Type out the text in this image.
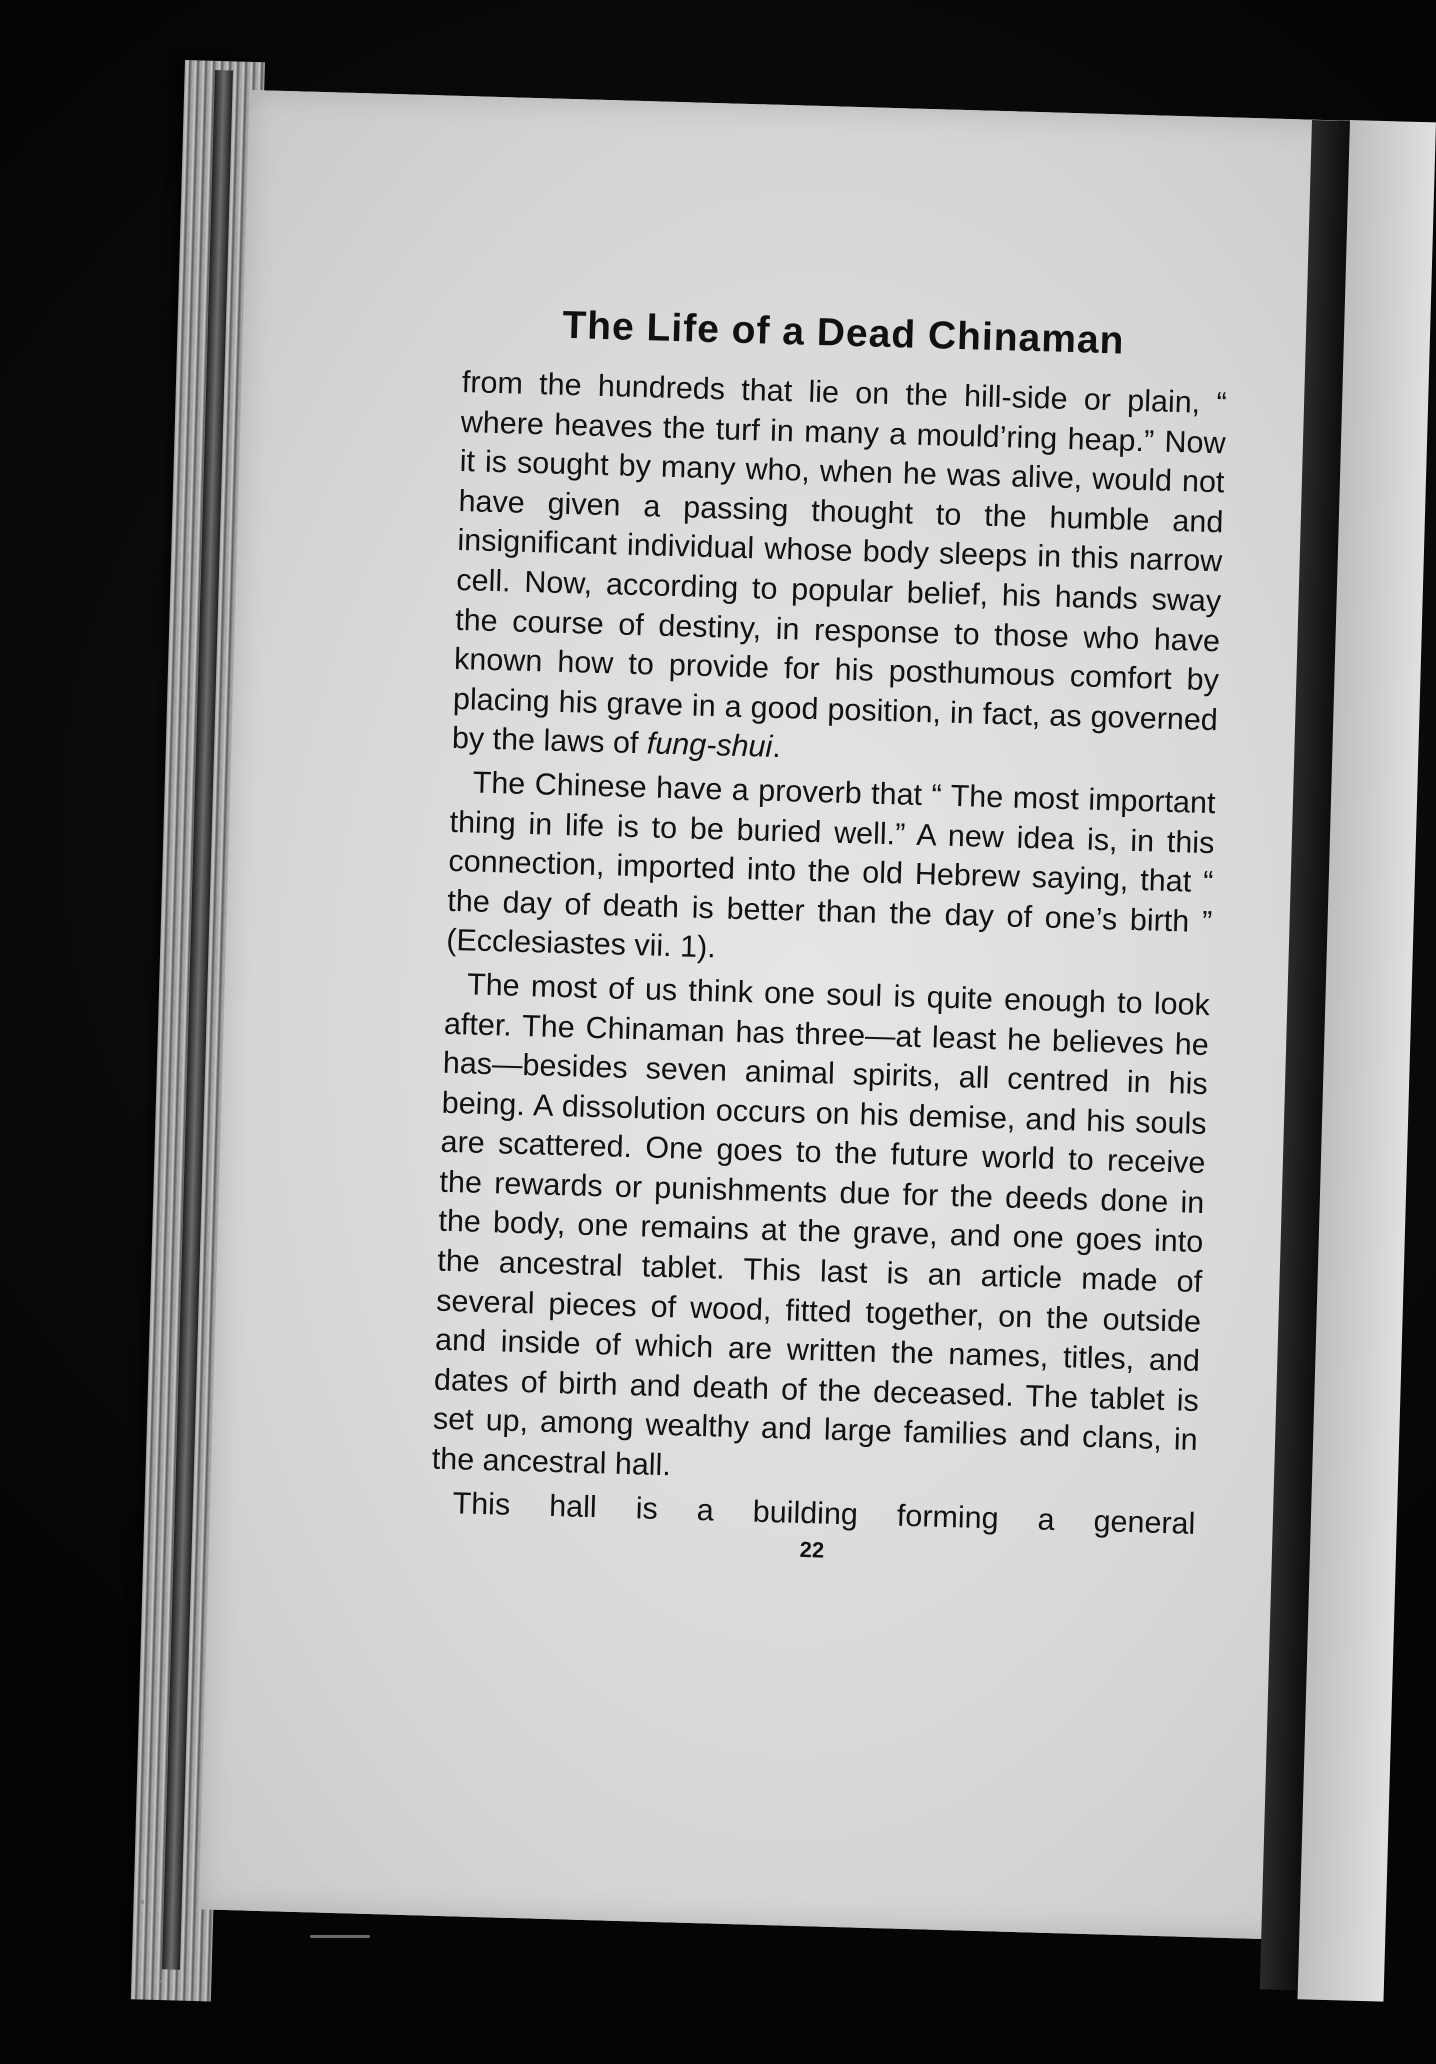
The Life of a Dead Chinaman

from the hundreds that lie on the hill-side or plain, “ where heaves the turf in many a mould’ring heap.” Now it is sought by many who, when he was alive, would not have given a passing thought to the humble and insignificant individual whose body sleeps in this narrow cell. Now, according to popular belief, his hands sway the course of destiny, in response to those who have known how to provide for his posthumous comfort by placing his grave in a good position, in fact, as governed by the laws of fung-shui.

The Chinese have a proverb that “ The most important thing in life is to be buried well.” A new idea is, in this connection, imported into the old Hebrew saying, that “ the day of death is better than the day of one’s birth ” (Ecclesiastes vii. 1).

The most of us think one soul is quite enough to look after. The Chinaman has three—at least he believes he has—besides seven animal spirits, all centred in his being. A dissolution occurs on his demise, and his souls are scattered. One goes to the future world to receive the rewards or punishments due for the deeds done in the body, one remains at the grave, and one goes into the ancestral tablet. This last is an article made of several pieces of wood, fitted together, on the outside and inside of which are written the names, titles, and dates of birth and death of the deceased. The tablet is set up, among wealthy and large families and clans, in the ancestral hall.

This hall is a building forming a general

22
